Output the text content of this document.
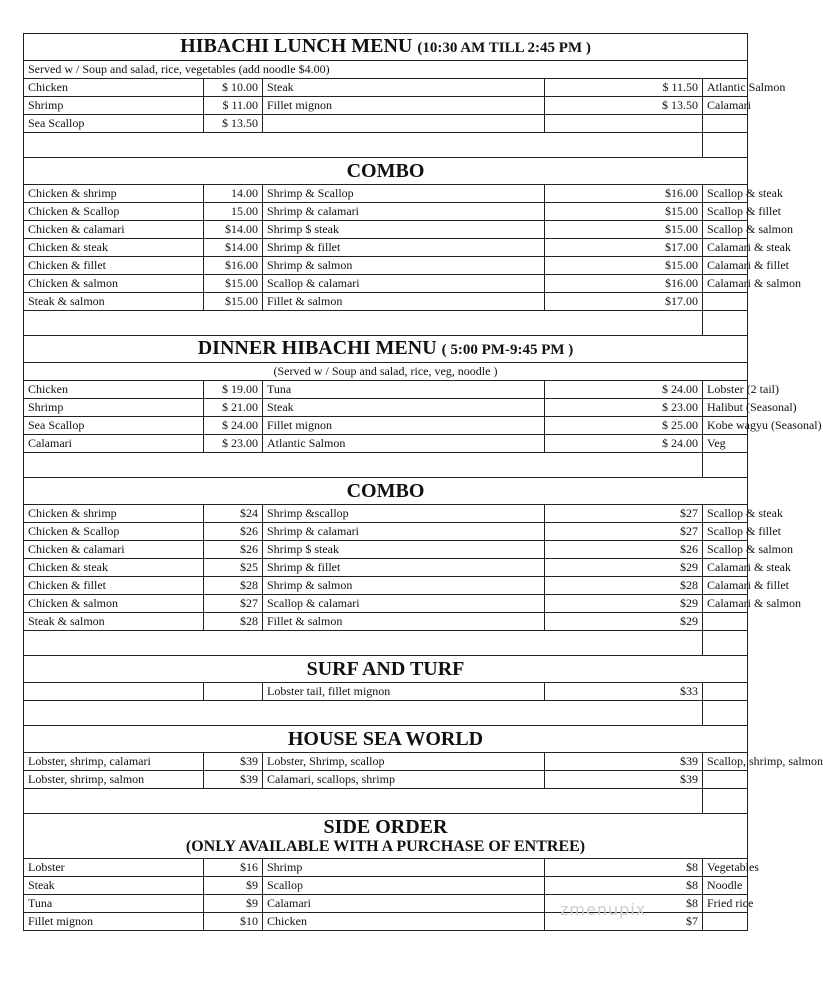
HIBACHI LUNCH MENU (10:30 AM TILL 2:45 PM )					
Served w / Soup and salad, rice, vegetables (add noodle $4.00)					
Chicken	$ 10.00	Steak	$ 11.50	Atlantic Salmon	
Shrimp	$ 11.00	Fillet mignon	$ 13.50	Calamari	
Sea Scallop	$ 13.50				

COMBO					
Chicken & shrimp	14.00	Shrimp & Scallop	$16.00	Scallop & steak	
Chicken & Scallop	15.00	Shrimp & calamari	$15.00	Scallop & fillet	
Chicken & calamari	$14.00	Shrimp $ steak	$15.00	Scallop & salmon	
Chicken & steak	$14.00	Shrimp & fillet	$17.00	Calamari & steak	
Chicken & fillet	$16.00	Shrimp & salmon	$15.00	Calamari & fillet	
Chicken & salmon	$15.00	Scallop & calamari	$16.00	Calamari & salmon	
Steak & salmon	$15.00	Fillet & salmon	$17.00		

DINNER HIBACHI MENU ( 5:00 PM-9:45 PM )					
(Served w / Soup and salad, rice, veg, noodle )					
Chicken	$ 19.00	Tuna	$ 24.00	Lobster (2 tail)	
Shrimp	$ 21.00	Steak	$ 23.00	Halibut (Seasonal)	
Sea Scallop	$ 24.00	Fillet mignon	$ 25.00	Kobe wagyu (Seasonal)	
Calamari	$ 23.00	Atlantic Salmon	$ 24.00	Veg	

COMBO					
Chicken & shrimp	$24	Shrimp &scallop	$27	Scallop & steak	
Chicken & Scallop	$26	Shrimp & calamari	$27	Scallop & fillet	
Chicken & calamari	$26	Shrimp $ steak	$26	Scallop & salmon	
Chicken & steak	$25	Shrimp & fillet	$29	Calamari & steak	
Chicken & fillet	$28	Shrimp & salmon	$28	Calamari & fillet	
Chicken & salmon	$27	Scallop & calamari	$29	Calamari & salmon	
Steak & salmon	$28	Fillet & salmon	$29		

SURF AND TURF					
		Lobster tail, fillet mignon	$33		

HOUSE SEA WORLD					
Lobster, shrimp, calamari	$39	Lobster, Shrimp, scallop	$39	Scallop, shrimp, salmon	
Lobster, shrimp, salmon	$39	Calamari, scallops, shrimp	$39		

SIDE ORDER
(ONLY AVAILABLE WITH A PURCHASE OF ENTREE)					

Lobster	$16	Shrimp	$8	Vegetables	
Steak	$9	Scallop	$8	Noodle	
Tuna	$9	Calamari	$8	Fried rice	
Fillet mignon	$10	Chicken	$7		
zmenupix
